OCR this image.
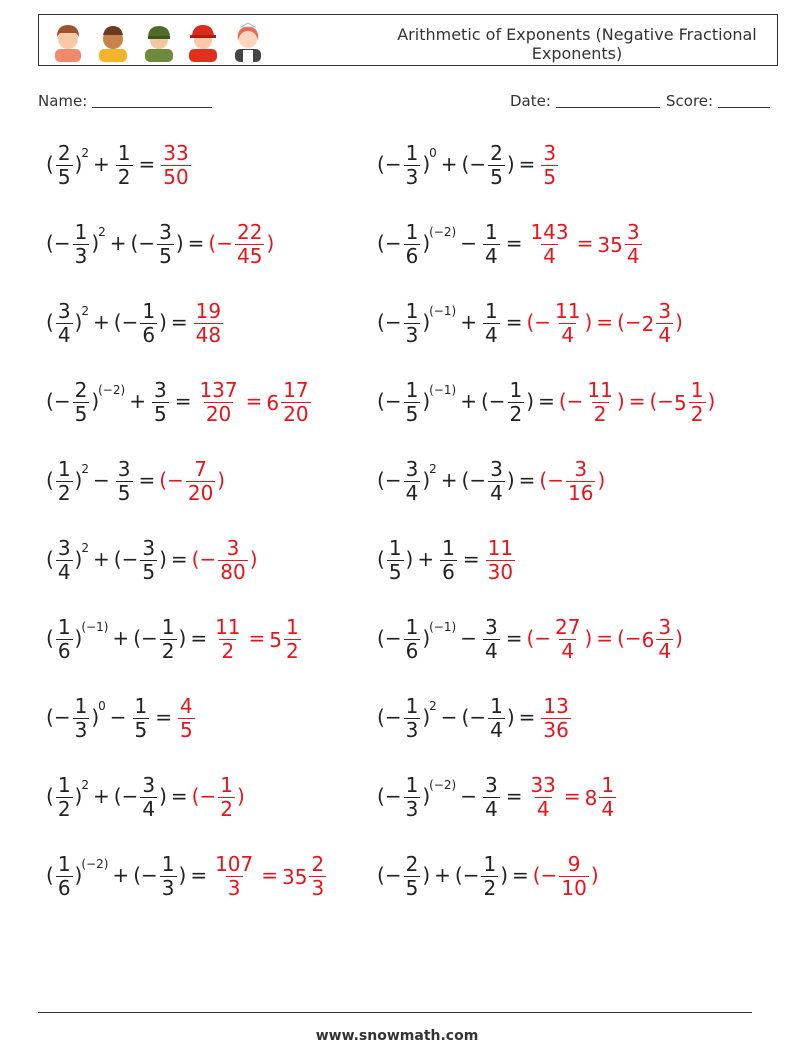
Arithmetic of Exponents (Negative Fractional Exponents)
Name:	Date:	Score:
( $\frac{2}{5} )^2 + \frac{1}{2} = \frac{33}{50}$	(− $\frac{1}{3} )^0$ + (− $\frac{2}{5}$ ) = $\frac{3}{5}$
(− $\frac{1}{3} )^2$ + (− $\frac{3}{5}$ ) = (− $\frac{22}{45}$ )	(− $\frac{1}{6} )^{(-2)} - \frac{1}{4} = \frac{143}{4} = 35 \frac{3}{4}$
( $\frac{3}{4} )^2$ + (− $\frac{1}{6}$ ) = $\frac{19}{48}$	(− $\frac{1}{3} )^{(-1)} + \frac{1}{4}$ = (− $\frac{11}{4}$ ) = ($-2 \frac{3}{4}$ )
(− $\frac{2}{5} )^{(-2)} + \frac{3}{5} = \frac{137}{20} = 6 \frac{17}{20}$	(− $\frac{1}{5} )^{(-1)}$ + (− $\frac{1}{2}$ ) = (− $\frac{11}{2}$ ) = ($-5 \frac{1}{2}$ )
( $\frac{1}{2} )^2 - \frac{3}{5}$ = (− $\frac{7}{20}$ )	(− $\frac{3}{4} )^2$ + (− $\frac{3}{4}$ ) = (− $\frac{3}{16}$ )
( $\frac{3}{4} )^2$ + (− $\frac{3}{5}$ ) = (− $\frac{3}{80}$ )	( $\frac{1}{5}$ ) + $\frac{1}{6} = \frac{11}{30}$
( $\frac{1}{6} )^{(-1)}$ + (− $\frac{1}{2}$ ) = $\frac{11}{2} = 5 \frac{1}{2}$	(− $\frac{1}{6} )^{(-1)} - \frac{3}{4}$ = (− $\frac{27}{4}$ ) = ($-6 \frac{3}{4}$ )
(− $\frac{1}{3} )^0 - \frac{1}{5} = \frac{4}{5}$	(− $\frac{1}{3} )^2$ − (− $\frac{1}{4}$ ) = $\frac{13}{36}$
( $\frac{1}{2} )^2$ + (− $\frac{3}{4}$ ) = (− $\frac{1}{2}$ )	(− $\frac{1}{3} )^{(-2)} - \frac{3}{4} = \frac{33}{4} = 8 \frac{1}{4}$
( $\frac{1}{6} )^{(-2)}$ + (− $\frac{1}{3}$ ) = $\frac{107}{3} = 35 \frac{2}{3}$	(− $\frac{2}{5}$ ) + (− $\frac{1}{2}$ ) = (− $\frac{9}{10}$ )
www.snowmath.com
